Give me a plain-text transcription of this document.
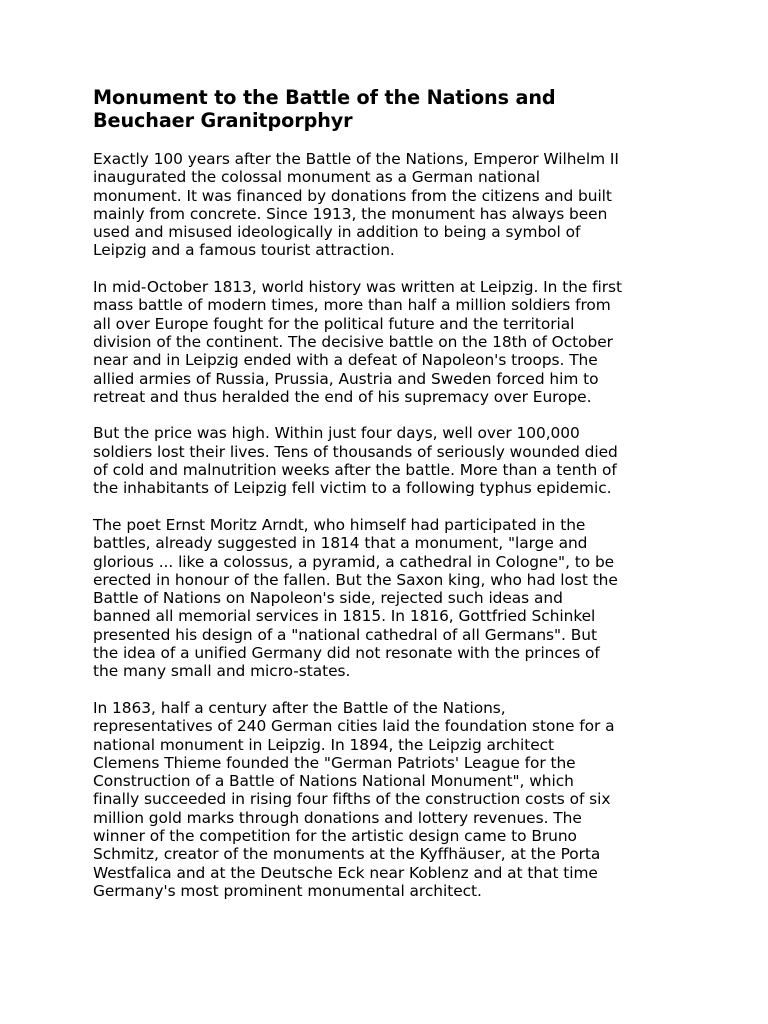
Monument to the Battle of the Nations and
Beuchaer Granitporphyr

Exactly 100 years after the Battle of the Nations, Emperor Wilhelm II
inaugurated the colossal monument as a German national
monument. It was financed by donations from the citizens and built
mainly from concrete. Since 1913, the monument has always been
used and misused ideologically in addition to being a symbol of
Leipzig and a famous tourist attraction.

In mid-October 1813, world history was written at Leipzig. In the first
mass battle of modern times, more than half a million soldiers from
all over Europe fought for the political future and the territorial
division of the continent. The decisive battle on the 18th of October
near and in Leipzig ended with a defeat of Napoleon's troops. The
allied armies of Russia, Prussia, Austria and Sweden forced him to
retreat and thus heralded the end of his supremacy over Europe.

But the price was high. Within just four days, well over 100,000
soldiers lost their lives. Tens of thousands of seriously wounded died
of cold and malnutrition weeks after the battle. More than a tenth of
the inhabitants of Leipzig fell victim to a following typhus epidemic.

The poet Ernst Moritz Arndt, who himself had participated in the
battles, already suggested in 1814 that a monument, "large and
glorious ... like a colossus, a pyramid, a cathedral in Cologne", to be
erected in honour of the fallen. But the Saxon king, who had lost the
Battle of Nations on Napoleon's side, rejected such ideas and
banned all memorial services in 1815. In 1816, Gottfried Schinkel
presented his design of a "national cathedral of all Germans". But
the idea of a unified Germany did not resonate with the princes of
the many small and micro-states.

In 1863, half a century after the Battle of the Nations,
representatives of 240 German cities laid the foundation stone for a
national monument in Leipzig. In 1894, the Leipzig architect
Clemens Thieme founded the "German Patriots' League for the
Construction of a Battle of Nations National Monument", which
finally succeeded in rising four fifths of the construction costs of six
million gold marks through donations and lottery revenues. The
winner of the competition for the artistic design came to Bruno
Schmitz, creator of the monuments at the Kyffhäuser, at the Porta
Westfalica and at the Deutsche Eck near Koblenz and at that time
Germany's most prominent monumental architect.
